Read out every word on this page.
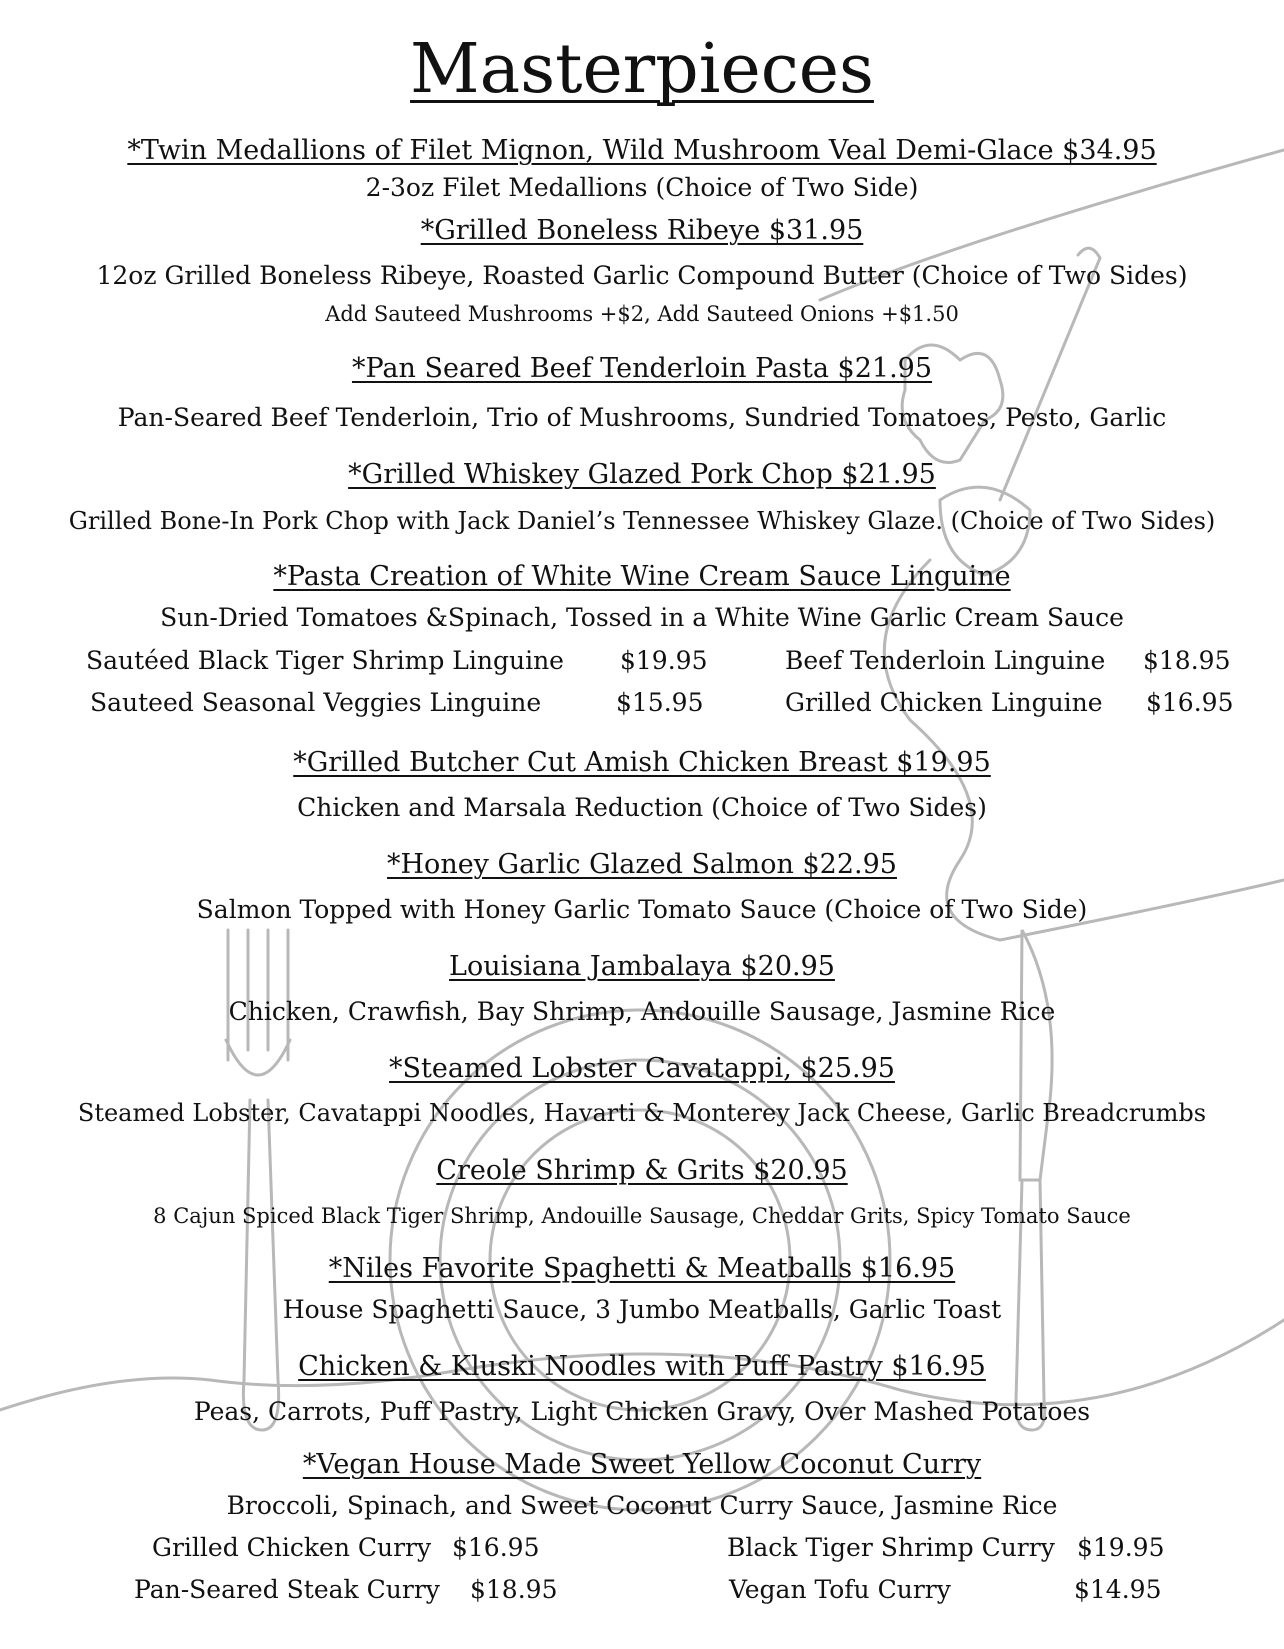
Masterpieces
*Twin Medallions of Filet Mignon, Wild Mushroom Veal Demi-Glace $34.95
2-3oz Filet Medallions (Choice of Two Side)
*Grilled Boneless Ribeye $31.95
12oz Grilled Boneless Ribeye, Roasted Garlic Compound Butter (Choice of Two Sides)
Add Sauteed Mushrooms +$2, Add Sauteed Onions +$1.50
*Pan Seared Beef Tenderloin Pasta $21.95
Pan-Seared Beef Tenderloin, Trio of Mushrooms, Sundried Tomatoes, Pesto, Garlic
*Grilled Whiskey Glazed Pork Chop $21.95
Grilled Bone-In Pork Chop with Jack Daniel’s Tennessee Whiskey Glaze. (Choice of Two Sides)
*Pasta Creation of White Wine Cream Sauce Linguine
Sun-Dried Tomatoes &Spinach, Tossed in a White Wine Garlic Cream Sauce
Sautéed Black Tiger Shrimp Linguine $19.95	Beef Tenderloin Linguine $18.95
Sauteed Seasonal Veggies Linguine	$15.95	Grilled Chicken Linguine $16.95
*Grilled Butcher Cut Amish Chicken Breast $19.95
Chicken and Marsala Reduction (Choice of Two Sides)
*Honey Garlic Glazed Salmon $22.95
Salmon Topped with Honey Garlic Tomato Sauce (Choice of Two Side)
Louisiana Jambalaya $20.95
Chicken, Crawfish, Bay Shrimp, Andouille Sausage, Jasmine Rice
*Steamed Lobster Cavatappi, $25.95
Steamed Lobster, Cavatappi Noodles, Havarti & Monterey Jack Cheese, Garlic Breadcrumbs
Creole Shrimp & Grits $20.95
8 Cajun Spiced Black Tiger Shrimp, Andouille Sausage, Cheddar Grits, Spicy Tomato Sauce
*Niles Favorite Spaghetti & Meatballs $16.95
House Spaghetti Sauce, 3 Jumbo Meatballs, Garlic Toast
Chicken & Kluski Noodles with Puff Pastry $16.95
Peas, Carrots, Puff Pastry, Light Chicken Gravy, Over Mashed Potatoes
*Vegan House Made Sweet Yellow Coconut Curry
Broccoli, Spinach, and Sweet Coconut Curry Sauce, Jasmine Rice
Grilled Chicken Curry $16.95	Black Tiger Shrimp Curry $19.95
Pan-Seared Steak Curry $18.95	Vegan Tofu Curry	$14.95
